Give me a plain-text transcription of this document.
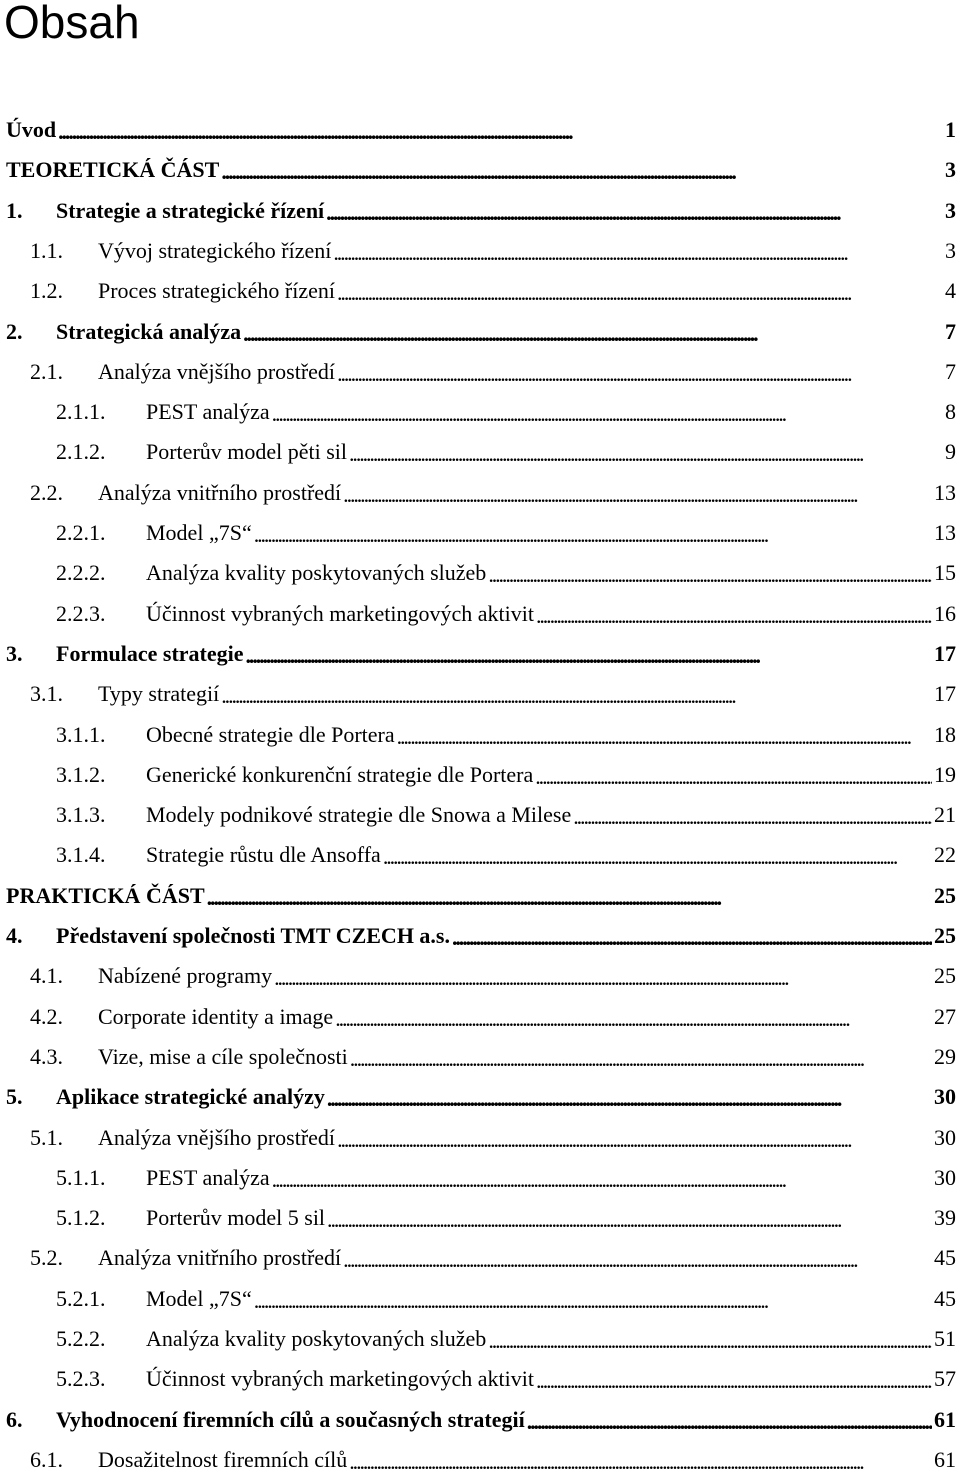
Obsah
Úvod . . .	1
TEORETICKÁ ČÁST . . .	3
1. Strategie a strategické řízení . . .	3
1.1. Vývoj strategického řízení . . .	3
1.2. Proces strategického řízení . . .	4
2. Strategická analýza . . .	7
2.1. Analýza vnějšího prostředí . . .	7
2.1.1. PEST analýza . . .	8
2.1.2. Porterův model pěti sil . . .	9
2.2. Analýza vnitřního prostředí . . .	13
2.2.1. Model „7S“ . . .	13
2.2.2. Analýza kvality poskytovaných služeb . . .	15
2.2.3. Účinnost vybraných marketingových aktivit . . .	16
3. Formulace strategie . . .	17
3.1. Typy strategií . . .	17
3.1.1. Obecné strategie dle Portera . . .	18
3.1.2. Generické konkurenční strategie dle Portera . . .	19
3.1.3. Modely podnikové strategie dle Snowa a Milese . . .	21
3.1.4. Strategie růstu dle Ansoffa . . .	22
PRAKTICKÁ ČÁST . . .	25
4. Představení společnosti TMT CZECH a.s. . . .	25
4.1. Nabízené programy . . .	25
4.2. Corporate identity a image . . .	27
4.3. Vize, mise a cíle společnosti . . .	29
5. Aplikace strategické analýzy . . .	30
5.1. Analýza vnějšího prostředí . . .	30
5.1.1. PEST analýza . . .	30
5.1.2. Porterův model 5 sil . . .	39
5.2. Analýza vnitřního prostředí . . .	45
5.2.1. Model „7S“ . . .	45
5.2.2. Analýza kvality poskytovaných služeb . . .	51
5.2.3. Účinnost vybraných marketingových aktivit . . .	57
6. Vyhodnocení firemních cílů a současných strategií . . .	61
6.1. Dosažitelnost firemních cílů . . .	61
